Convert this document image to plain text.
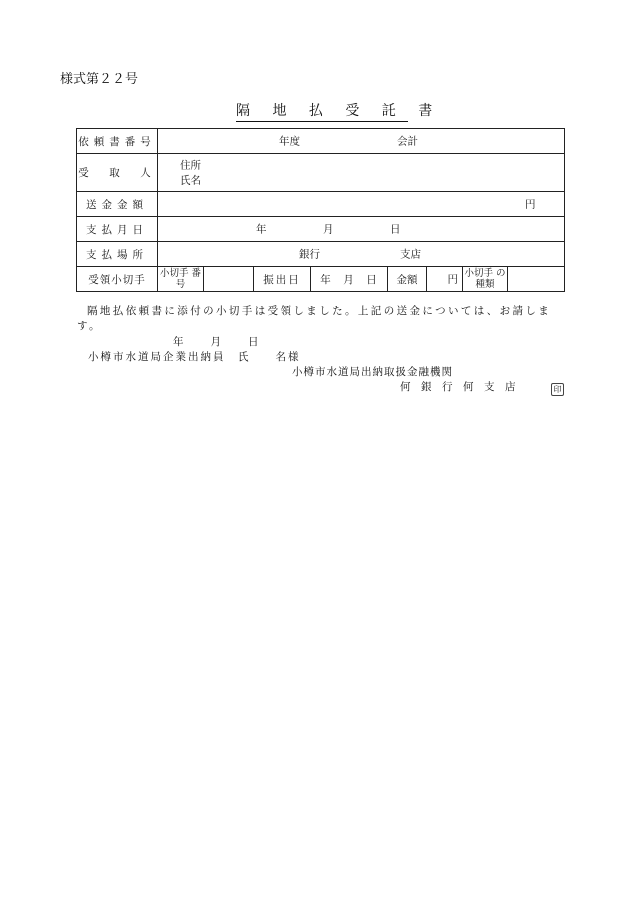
様式第２２号
隔 地 払 受 託 書
依頼書番号	年度 会計							

受　取　人	住所
氏名							

送金金額	円							

支払月日	年 月 日							

支払場所	銀行 支店							

受領小切手	小切手 番　号		振出日	年　月　日	金額	円	小切手 の種類	
隔地払依頼書に添付の小切手は受領しました。上記の送金については、お請します。
年　　月　　日
小樽市水道局企業出納員　氏　　名様
小樽市水道局出納取扱金融機関
何　銀　行　何　支　店	印
